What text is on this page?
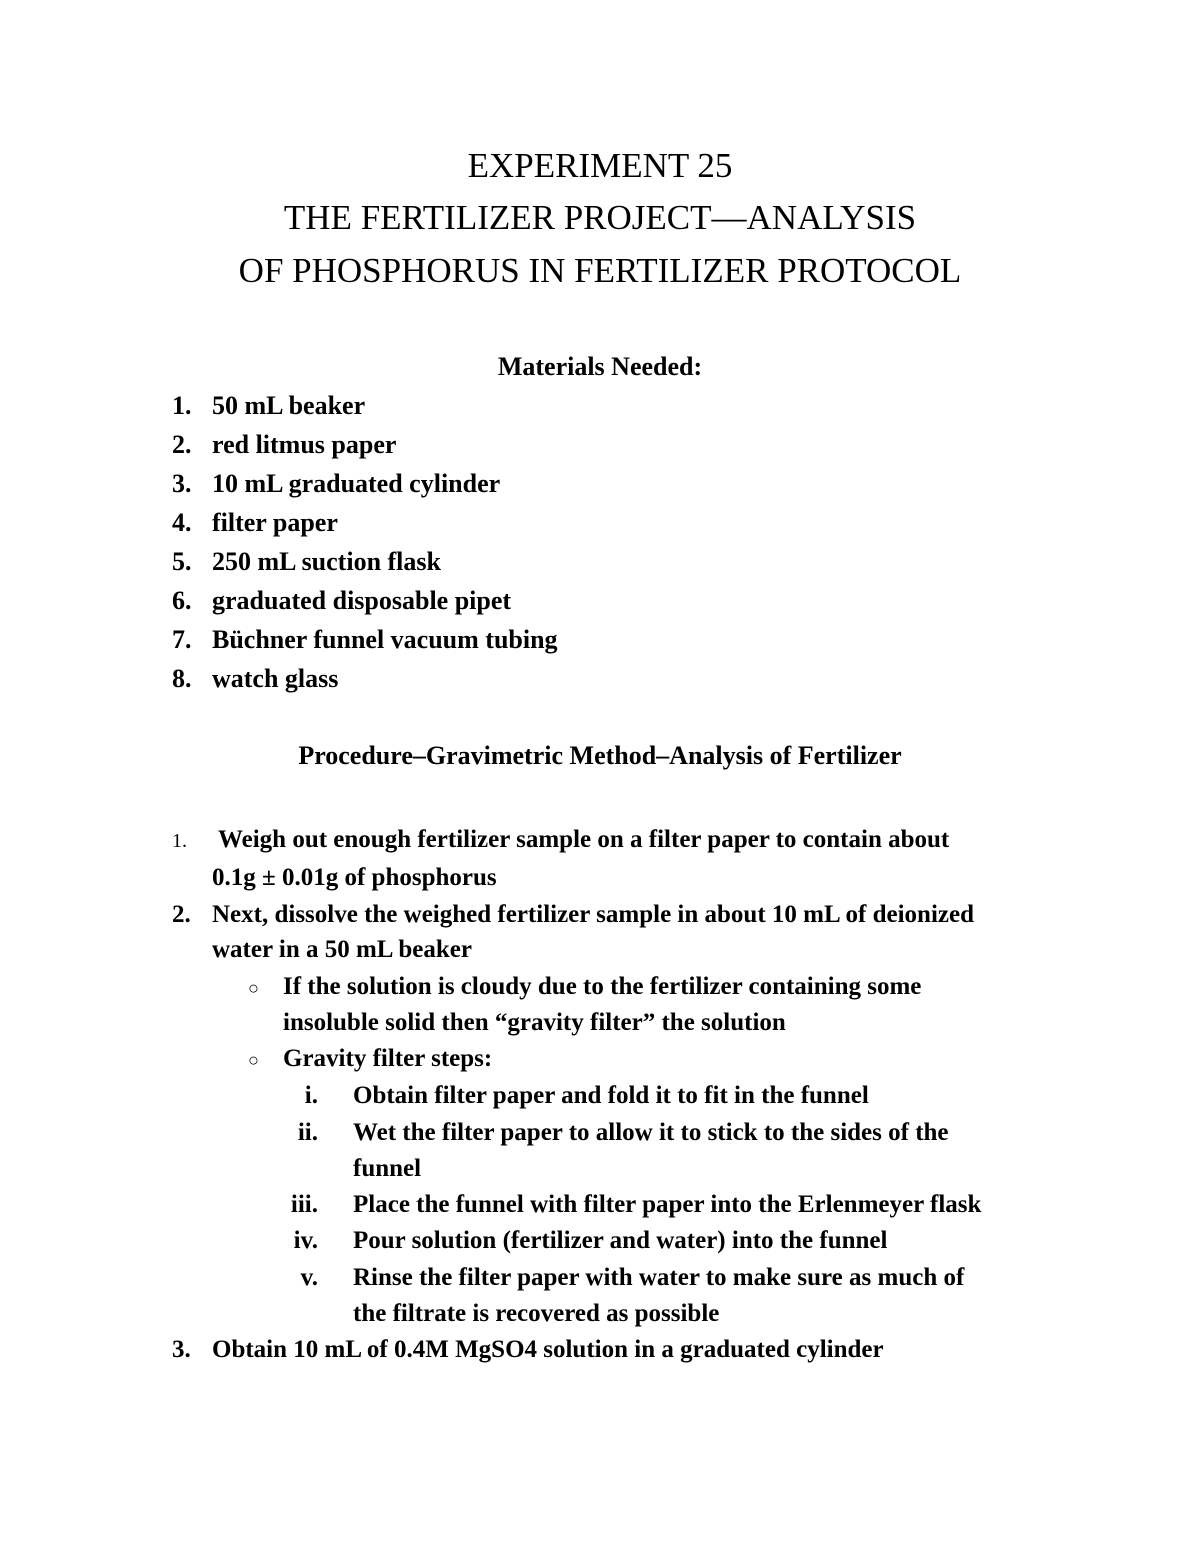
EXPERIMENT 25
THE FERTILIZER PROJECT—ANALYSIS
OF PHOSPHORUS IN FERTILIZER PROTOCOL
Materials Needed:
1. 50 mL beaker
2. red litmus paper
3. 10 mL graduated cylinder
4. filter paper
5. 250 mL suction flask
6. graduated disposable pipet
7. Büchner funnel vacuum tubing
8. watch glass
Procedure–Gravimetric Method–Analysis of Fertilizer
1. Weigh out enough fertilizer sample on a filter paper to contain about
0.1g ± 0.01g of phosphorus
2. Next, dissolve the weighed fertilizer sample in about 10 mL of deionized
water in a 50 mL beaker
○ If the solution is cloudy due to the fertilizer containing some
insoluble solid then “gravity filter” the solution
○ Gravity filter steps:
i. Obtain filter paper and fold it to fit in the funnel
ii. Wet the filter paper to allow it to stick to the sides of the
funnel
iii. Place the funnel with filter paper into the Erlenmeyer flask
iv. Pour solution (fertilizer and water) into the funnel
v. Rinse the filter paper with water to make sure as much of
the filtrate is recovered as possible
3. Obtain 10 mL of 0.4M MgSO4 solution in a graduated cylinder
